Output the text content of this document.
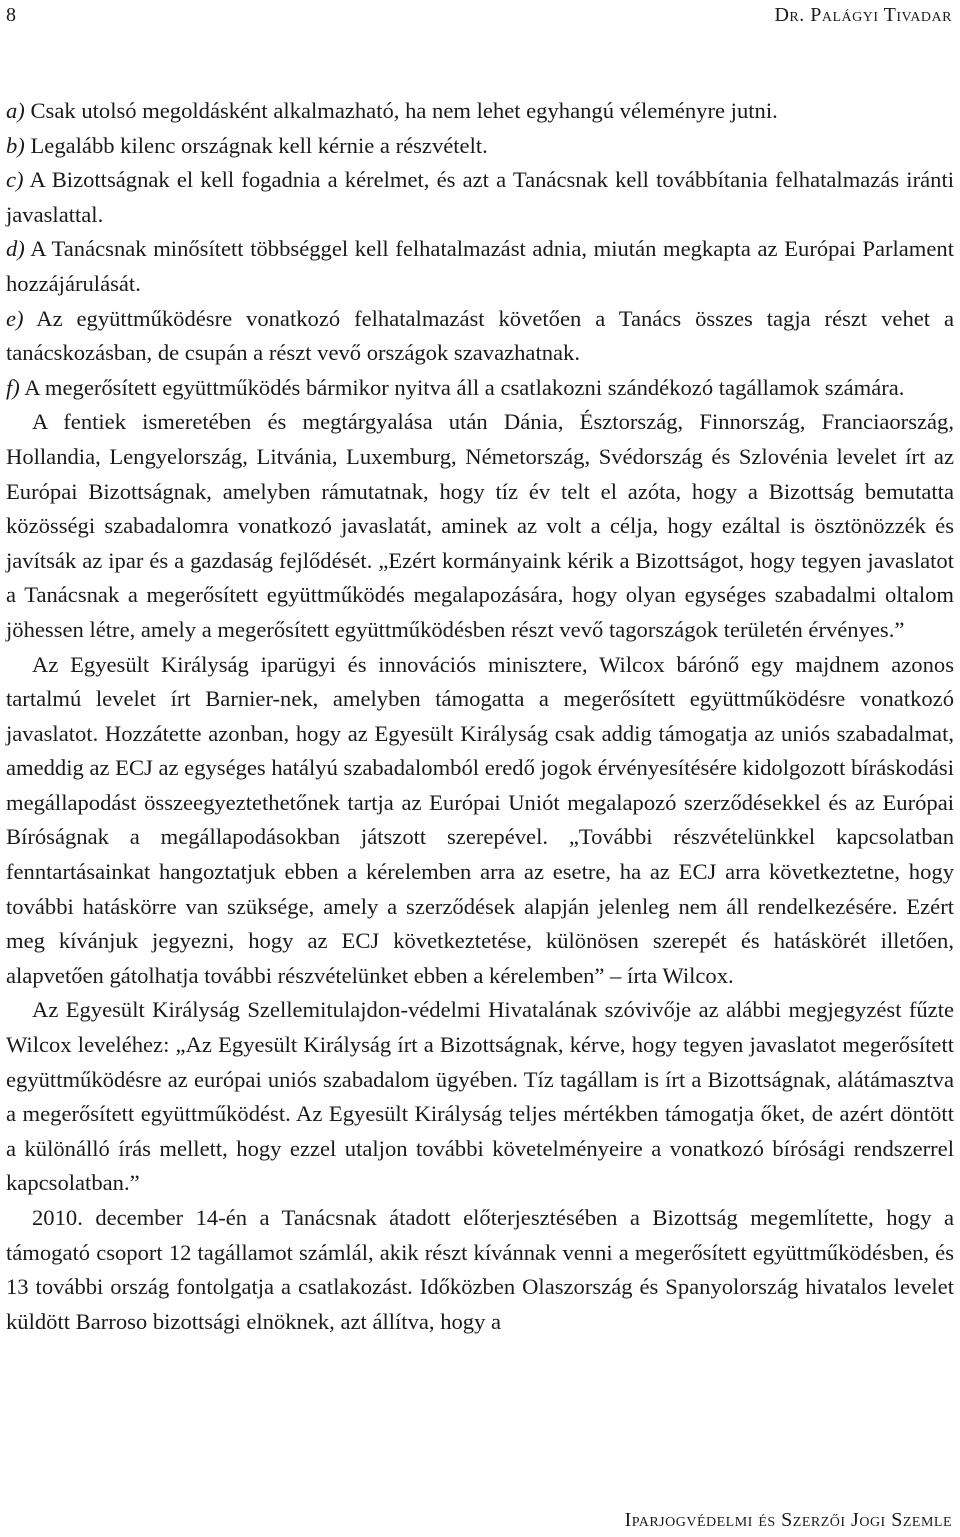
8	Dr. Palágyi Tivadar

a) Csak utolsó megoldásként alkalmazható, ha nem lehet egyhangú véleményre jutni.

b) Legalább kilenc országnak kell kérnie a részvételt.

c) A Bizottságnak el kell fogadnia a kérelmet, és azt a Tanácsnak kell továbbítania felhatalmazás iránti javaslattal.

d) A Tanácsnak minősített többséggel kell felhatalmazást adnia, miután megkapta az Európai Parlament hozzájárulását.

e) Az együttműködésre vonatkozó felhatalmazást követően a Tanács összes tagja részt vehet a tanácskozásban, de csupán a részt vevő országok szavazhatnak.

f) A megerősített együttműködés bármikor nyitva áll a csatlakozni szándékozó tagállamok számára.

A fentiek ismeretében és megtárgyalása után Dánia, Észtország, Finnország, Franciaország, Hollandia, Lengyelország, Litvánia, Luxemburg, Németország, Svédország és Szlovénia levelet írt az Európai Bizottságnak, amelyben rámutatnak, hogy tíz év telt el azóta, hogy a Bizottság bemutatta közösségi szabadalomra vonatkozó javaslatát, aminek az volt a célja, hogy ezáltal is ösztönözzék és javítsák az ipar és a gazdaság fejlődését. „Ezért kormányaink kérik a Bizottságot, hogy tegyen javaslatot a Tanácsnak a megerősített együttműködés megalapozására, hogy olyan egységes szabadalmi oltalom jöhessen létre, amely a megerősített együttműködésben részt vevő tagországok területén érvényes.”

Az Egyesült Királyság iparügyi és innovációs minisztere, Wilcox bárónő egy majdnem azonos tartalmú levelet írt Barnier-nek, amelyben támogatta a megerősített együttműködésre vonatkozó javaslatot. Hozzátette azonban, hogy az Egyesült Királyság csak addig támogatja az uniós szabadalmat, ameddig az ECJ az egységes hatályú szabadalomból eredő jogok érvényesítésére kidolgozott bíráskodási megállapodást összeegyeztethetőnek tartja az Európai Uniót megalapozó szerződésekkel és az Európai Bíróságnak a megállapodásokban játszott szerepével. „További részvételünkkel kapcsolatban fenntartásainkat hangoztatjuk ebben a kérelemben arra az esetre, ha az ECJ arra következtetne, hogy további hatáskörre van szüksége, amely a szerződések alapján jelenleg nem áll rendelkezésére. Ezért meg kívánjuk jegyezni, hogy az ECJ következtetése, különösen szerepét és hatáskörét illetően, alapvetően gátolhatja további részvételünket ebben a kérelemben” – írta Wilcox.

Az Egyesült Királyság Szellemitulajdon-védelmi Hivatalának szóvivője az alábbi megjegyzést fűzte Wilcox leveléhez: „Az Egyesült Királyság írt a Bizottságnak, kérve, hogy tegyen javaslatot megerősített együttműködésre az európai uniós szabadalom ügyében. Tíz tagállam is írt a Bizottságnak, alátámasztva a megerősített együttműködést. Az Egyesült Királyság teljes mértékben támogatja őket, de azért döntött a különálló írás mellett, hogy ezzel utaljon további követelményeire a vonatkozó bírósági rendszerrel kapcsolatban.”

2010. december 14-én a Tanácsnak átadott előterjesztésében a Bizottság megemlítette, hogy a támogató csoport 12 tagállamot számlál, akik részt kívánnak venni a megerősített együttműködésben, és 13 további ország fontolgatja a csatlakozást. Időközben Olaszország és Spanyolország hivatalos levelet küldött Barroso bizottsági elnöknek, azt állítva, hogy a

Iparjogvédelmi és Szerzői Jogi Szemle
